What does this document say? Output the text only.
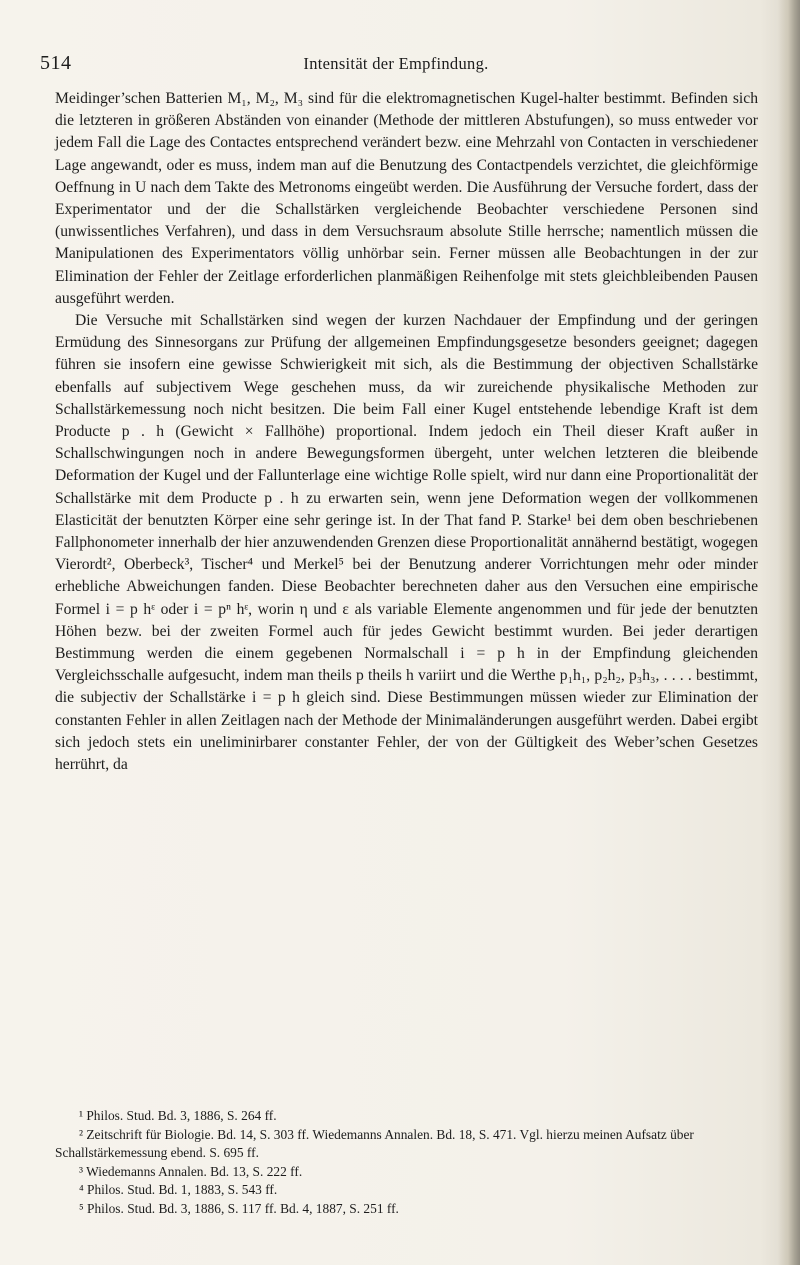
514	Intensität der Empfindung.

Meidinger’schen Batterien M₁, M₂, M₃ sind für die elektromagnetischen Kugel-halter bestimmt. Befinden sich die letzteren in größeren Abständen von einander (Methode der mittleren Abstufungen), so muss entweder vor jedem Fall die Lage des Contactes entsprechend verändert bezw. eine Mehrzahl von Contacten in verschiedener Lage angewandt, oder es muss, indem man auf die Benutzung des Contactpendels verzichtet, die gleichförmige Oeffnung in U nach dem Takte des Metronoms eingeübt werden. Die Ausführung der Versuche fordert, dass der Experimentator und der die Schallstärken vergleichende Beobachter verschiedene Personen sind (unwissentliches Verfahren), und dass in dem Versuchsraum absolute Stille herrsche; namentlich müssen die Manipulationen des Experimentators völlig unhörbar sein. Ferner müssen alle Beobachtungen in der zur Elimination der Fehler der Zeitlage erforderlichen planmäßigen Reihenfolge mit stets gleichbleibenden Pausen ausgeführt werden.

Die Versuche mit Schallstärken sind wegen der kurzen Nachdauer der Empfindung und der geringen Ermüdung des Sinnesorgans zur Prüfung der allgemeinen Empfindungsgesetze besonders geeignet; dagegen führen sie insofern eine gewisse Schwierigkeit mit sich, als die Bestimmung der objectiven Schallstärke ebenfalls auf subjectivem Wege geschehen muss, da wir zureichende physikalische Methoden zur Schallstärkemessung noch nicht besitzen. Die beim Fall einer Kugel entstehende lebendige Kraft ist dem Producte p . h (Gewicht × Fallhöhe) proportional. Indem jedoch ein Theil dieser Kraft außer in Schallschwingungen noch in andere Bewegungsformen übergeht, unter welchen letzteren die bleibende Deformation der Kugel und der Fallunterlage eine wichtige Rolle spielt, wird nur dann eine Proportionalität der Schallstärke mit dem Producte p . h zu erwarten sein, wenn jene Deformation wegen der vollkommenen Elasticität der benutzten Körper eine sehr geringe ist. In der That fand P. Starke¹ bei dem oben beschriebenen Fallphonometer innerhalb der hier anzuwendenden Grenzen diese Proportionalität annähernd bestätigt, wogegen Vierordt², Oberbeck³, Tischer⁴ und Merkel⁵ bei der Benutzung anderer Vorrichtungen mehr oder minder erhebliche Abweichungen fanden. Diese Beobachter berechneten daher aus den Versuchen eine empirische Formel i = p hᵋ oder i = pⁿ hᵋ, worin η und ε als variable Elemente angenommen und für jede der benutzten Höhen bezw. bei der zweiten Formel auch für jedes Gewicht bestimmt wurden. Bei jeder derartigen Bestimmung werden die einem gegebenen Normalschall i = p h in der Empfindung gleichenden Vergleichsschalle aufgesucht, indem man theils p theils h variirt und die Werthe p₁h₁, p₂h₂, p₃h₃, . . . . bestimmt, die subjectiv der Schallstärke i = p h gleich sind. Diese Bestimmungen müssen wieder zur Elimination der constanten Fehler in allen Zeitlagen nach der Methode der Minimaländerungen ausgeführt werden. Dabei ergibt sich jedoch stets ein uneliminirbarer constanter Fehler, der von der Gültigkeit des Weber’schen Gesetzes herrührt, da

¹ Philos. Stud. Bd. 3, 1886, S. 264 ff.

² Zeitschrift für Biologie. Bd. 14, S. 303 ff. Wiedemanns Annalen. Bd. 18, S. 471. Vgl. hierzu meinen Aufsatz über Schallstärkemessung ebend. S. 695 ff.

³ Wiedemanns Annalen. Bd. 13, S. 222 ff.

⁴ Philos. Stud. Bd. 1, 1883, S. 543 ff.

⁵ Philos. Stud. Bd. 3, 1886, S. 117 ff. Bd. 4, 1887, S. 251 ff.
